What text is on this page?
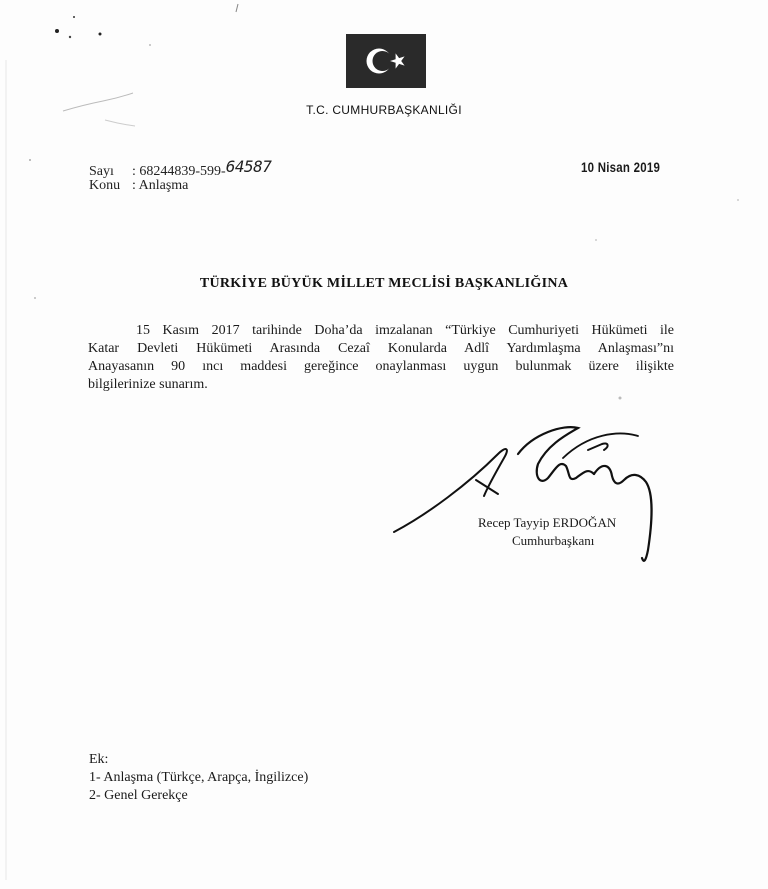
T.C. CUMHURBAŞKANLIĞI
Sayı : 68244839-599-64587
Konu : Anlaşma
10 Nisan 2019
TÜRKİYE BÜYÜK MİLLET MECLİSİ BAŞKANLIĞINA
15 Kasım 2017 tarihinde Doha’da imzalanan “Türkiye Cumhuriyeti Hükümeti ile
Katar Devleti Hükümeti Arasında Cezaî Konularda Adlî Yardımlaşma Anlaşması”nı
Anayasanın 90 ıncı maddesi gereğince onaylanması uygun bulunmak üzere ilişikte
bilgilerinize sunarım.
Recep Tayyip ERDOĞAN
Cumhurbaşkanı
Ek:
1- Anlaşma (Türkçe, Arapça, İngilizce)
2- Genel Gerekçe
